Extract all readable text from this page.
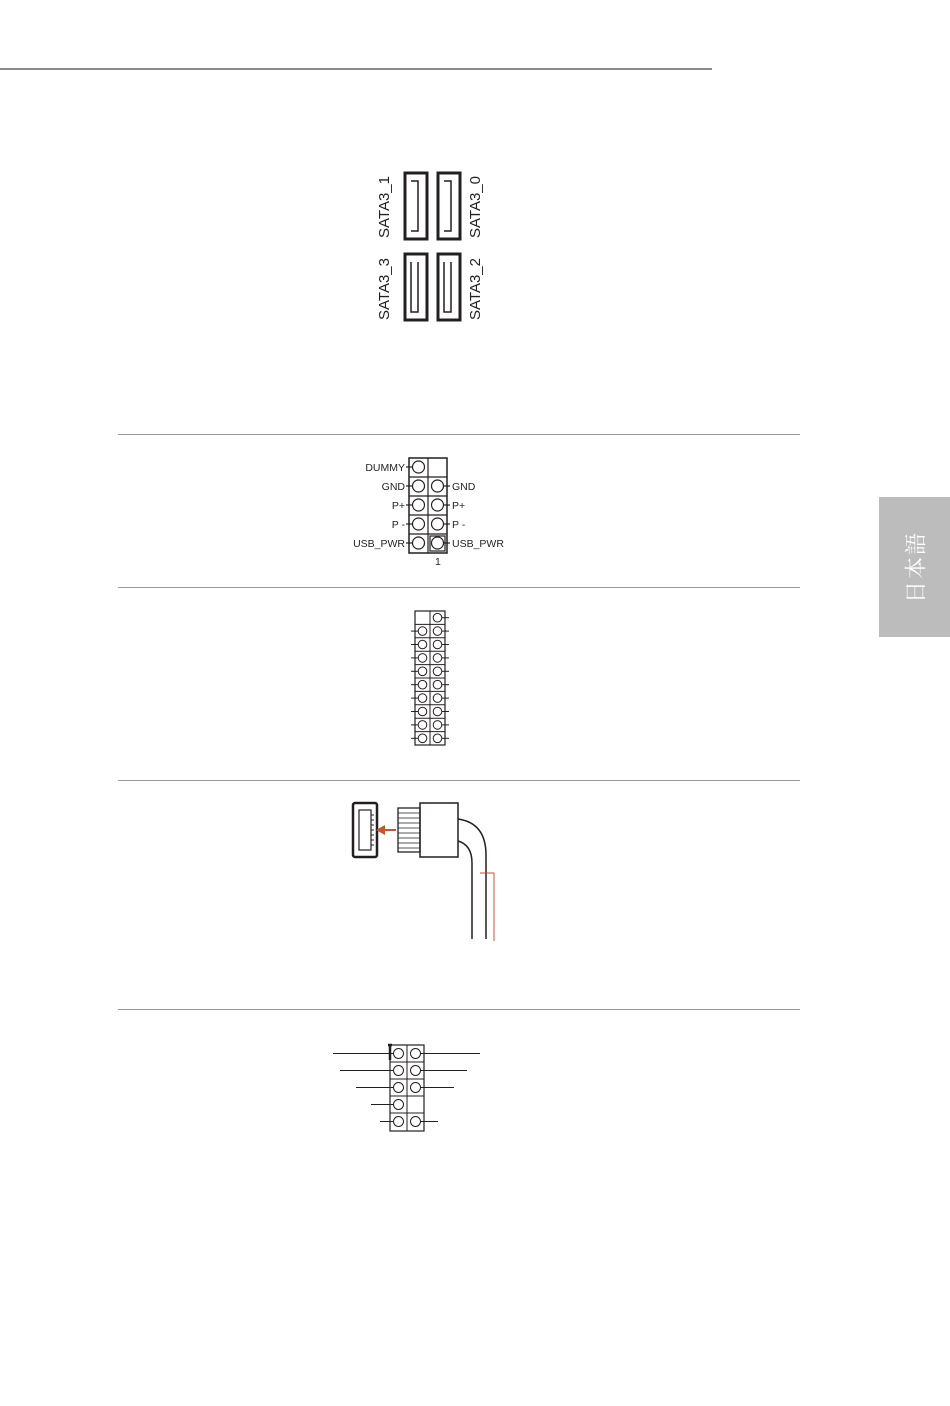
日本語
SATA3_1	SATA3_0
SATA3_3	SATA3_2
DUMMY
GND
P+
P -
USB_PWR
GND
P+
P -
USB_PWR
1
